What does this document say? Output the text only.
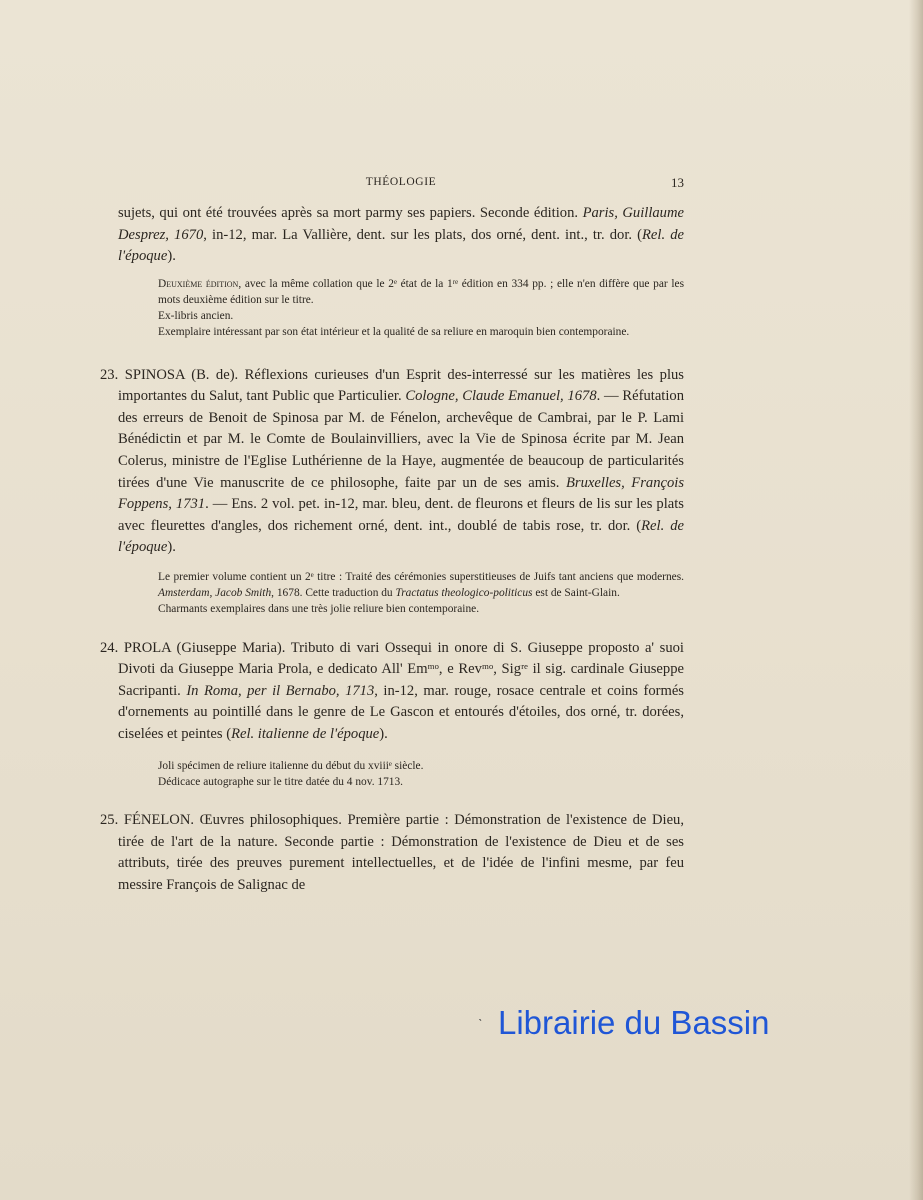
THÉOLOGIE	13

sujets, qui ont été trouvées après sa mort parmy ses papiers. Seconde édition. Paris, Guillaume Desprez, 1670, in-12, mar. La Vallière, dent. sur les plats, dos orné, dent. int., tr. dor. (Rel. de l'époque).

Deuxième édition, avec la même collation que le 2ᵉ état de la 1ʳᵉ édition en 334 pp. ; elle n'en diffère que par les mots deuxième édition sur le titre.

Ex-libris ancien.

Exemplaire intéressant par son état intérieur et la qualité de sa reliure en maroquin bien contemporaine.

23. SPINOSA (B. de). Réflexions curieuses d'un Esprit des-interressé sur les matières les plus importantes du Salut, tant Public que Particulier. Cologne, Claude Emanuel, 1678. — Réfutation des erreurs de Benoit de Spinosa par M. de Fénelon, archevêque de Cambrai, par le P. Lami Bénédictin et par M. le Comte de Boulainvilliers, avec la Vie de Spinosa écrite par M. Jean Colerus, ministre de l'Eglise Luthérienne de la Haye, augmentée de beaucoup de particularités tirées d'une Vie manuscrite de ce philosophe, faite par un de ses amis. Bruxelles, François Foppens, 1731. — Ens. 2 vol. pet. in-12, mar. bleu, dent. de fleurons et fleurs de lis sur les plats avec fleurettes d'angles, dos richement orné, dent. int., doublé de tabis rose, tr. dor. (Rel. de l'époque).

Le premier volume contient un 2ᵉ titre : Traité des cérémonies superstitieuses de Juifs tant anciens que modernes. Amsterdam, Jacob Smith, 1678. Cette traduction du Tractatus theologico-politicus est de Saint-Glain.

Charmants exemplaires dans une très jolie reliure bien contemporaine.

24. PROLA (Giuseppe Maria). Tributo di vari Ossequi in onore di S. Giuseppe proposto a' suoi Divoti da Giuseppe Maria Prola, e dedicato All' Emᵐᵒ, e Revᵐᵒ, Sigʳᵉ il sig. cardinale Giuseppe Sacripanti. In Roma, per il Bernabo, 1713, in-12, mar. rouge, rosace centrale et coins formés d'ornements au pointillé dans le genre de Le Gascon et entourés d'étoiles, dos orné, tr. dorées, ciselées et peintes (Rel. italienne de l'époque).

Joli spécimen de reliure italienne du début du xviiiᵉ siècle.

Dédicace autographe sur le titre datée du 4 nov. 1713.

25. FÉNELON. Œuvres philosophiques. Première partie : Démonstration de l'existence de Dieu, tirée de l'art de la nature. Seconde partie : Démonstration de l'existence de Dieu et de ses attributs, tirée des preuves purement intellectuelles, et de l'idée de l'infini mesme, par feu messire François de Salignac de

ˋ Librairie du Bassin
